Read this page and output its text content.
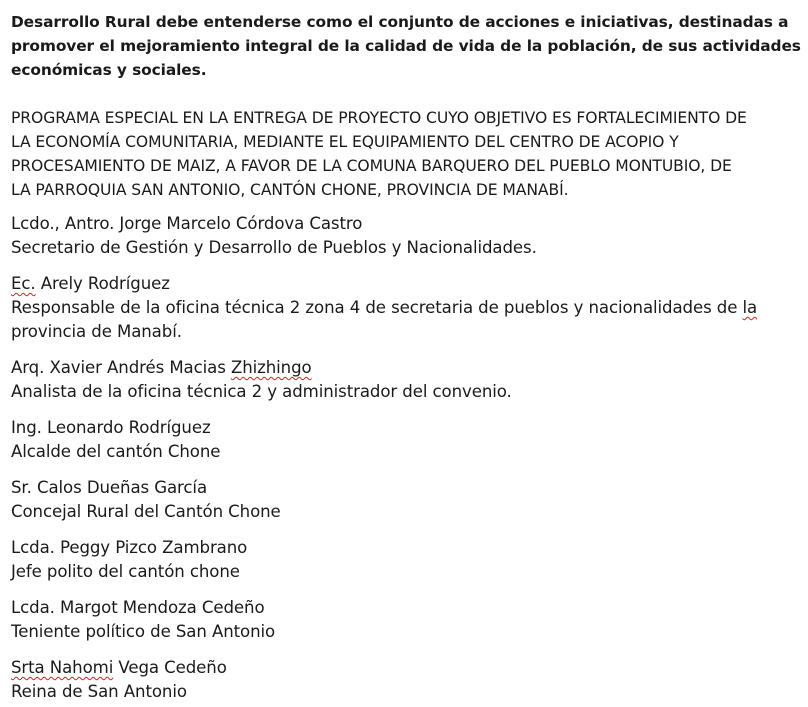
Desarrollo Rural debe entenderse como el conjunto de acciones e iniciativas, destinadas a
promover el mejoramiento integral de la calidad de vida de la población, de sus actividades
económicas y sociales.

PROGRAMA ESPECIAL EN LA ENTREGA DE PROYECTO CUYO OBJETIVO ES FORTALECIMIENTO DE
LA ECONOMÍA COMUNITARIA, MEDIANTE EL EQUIPAMIENTO DEL CENTRO DE ACOPIO Y
PROCESAMIENTO DE MAIZ, A FAVOR DE LA COMUNA BARQUERO DEL PUEBLO MONTUBIO, DE
LA PARROQUIA SAN ANTONIO, CANTÓN CHONE, PROVINCIA DE MANABÍ.

Lcdo., Antro. Jorge Marcelo Córdova Castro
Secretario de Gestión y Desarrollo de Pueblos y Nacionalidades.

Ec. Arely Rodríguez
Responsable de la oficina técnica 2 zona 4 de secretaria de pueblos y nacionalidades de la
provincia de Manabí.

Arq. Xavier Andrés Macias Zhizhingo
Analista de la oficina técnica 2 y administrador del convenio.

Ing. Leonardo Rodríguez
Alcalde del cantón Chone

Sr. Calos Dueñas García
Concejal Rural del Cantón Chone

Lcda. Peggy Pizco Zambrano
Jefe polito del cantón chone

Lcda. Margot Mendoza Cedeño
Teniente político de San Antonio

Srta Nahomi Vega Cedeño
Reina de San Antonio
